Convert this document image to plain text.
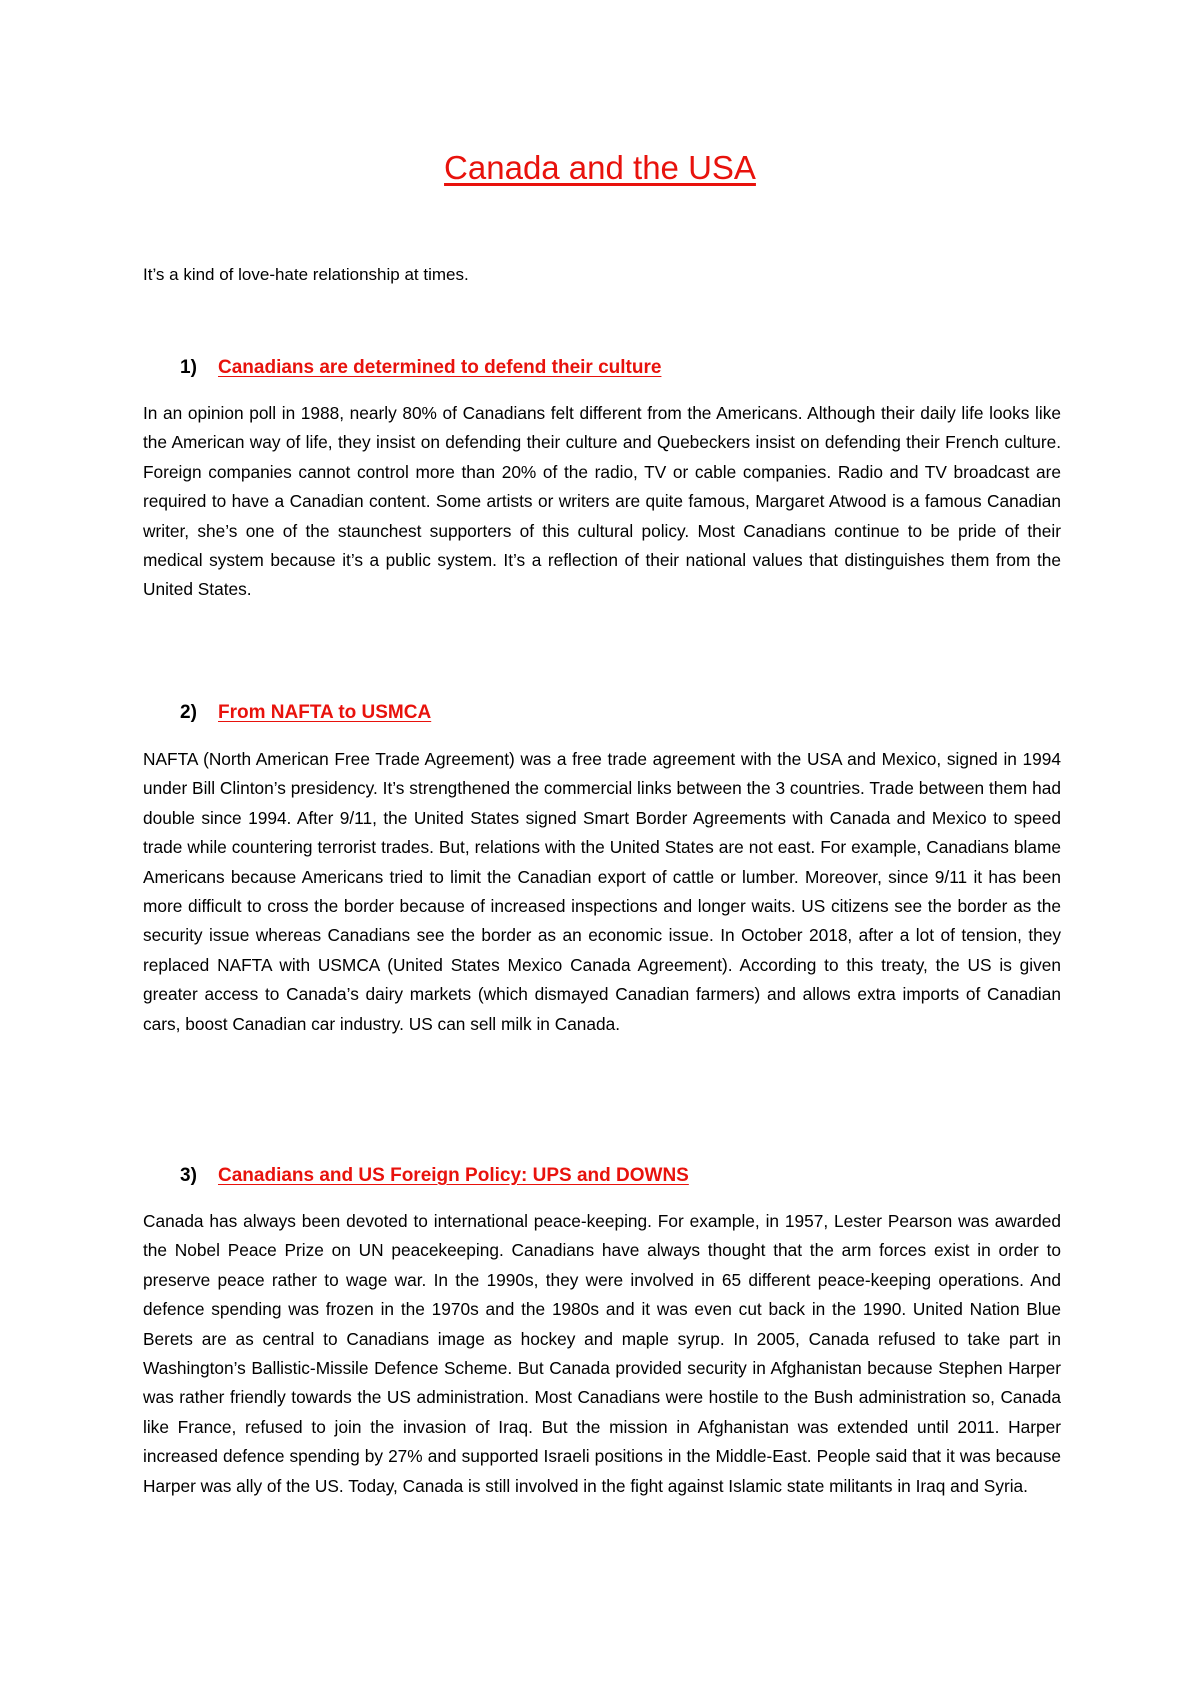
Canada and the USA

It’s a kind of love-hate relationship at times.

1) Canadians are determined to defend their culture

In an opinion poll in 1988, nearly 80% of Canadians felt different from the Americans. Although their daily life looks like the American way of life, they insist on defending their culture and Quebeckers insist on defending their French culture. Foreign companies cannot control more than 20% of the radio, TV or cable companies. Radio and TV broadcast are required to have a Canadian content. Some artists or writers are quite famous, Margaret Atwood is a famous Canadian writer, she’s one of the staunchest supporters of this cultural policy. Most Canadians continue to be pride of their medical system because it’s a public system. It’s a reflection of their national values that distinguishes them from the United States.

2) From NAFTA to USMCA

NAFTA (North American Free Trade Agreement) was a free trade agreement with the USA and Mexico, signed in 1994 under Bill Clinton’s presidency. It’s strengthened the commercial links between the 3 countries. Trade between them had double since 1994. After 9/11, the United States signed Smart Border Agreements with Canada and Mexico to speed trade while countering terrorist trades. But, relations with the United States are not east. For example, Canadians blame Americans because Americans tried to limit the Canadian export of cattle or lumber. Moreover, since 9/11 it has been more difficult to cross the border because of increased inspections and longer waits. US citizens see the border as the security issue whereas Canadians see the border as an economic issue. In October 2018, after a lot of tension, they replaced NAFTA with USMCA (United States Mexico Canada Agreement). According to this treaty, the US is given greater access to Canada’s dairy markets (which dismayed Canadian farmers) and allows extra imports of Canadian cars, boost Canadian car industry. US can sell milk in Canada.

3) Canadians and US Foreign Policy: UPS and DOWNS

Canada has always been devoted to international peace-keeping. For example, in 1957, Lester Pearson was awarded the Nobel Peace Prize on UN peacekeeping. Canadians have always thought that the arm forces exist in order to preserve peace rather to wage war. In the 1990s, they were involved in 65 different peace-keeping operations. And defence spending was frozen in the 1970s and the 1980s and it was even cut back in the 1990. United Nation Blue Berets are as central to Canadians image as hockey and maple syrup. In 2005, Canada refused to take part in Washington’s Ballistic-Missile Defence Scheme. But Canada provided security in Afghanistan because Stephen Harper was rather friendly towards the US administration. Most Canadians were hostile to the Bush administration so, Canada like France, refused to join the invasion of Iraq. But the mission in Afghanistan was extended until 2011. Harper increased defence spending by 27% and supported Israeli positions in the Middle-East. People said that it was because Harper was ally of the US. Today, Canada is still involved in the fight against Islamic state militants in Iraq and Syria.
